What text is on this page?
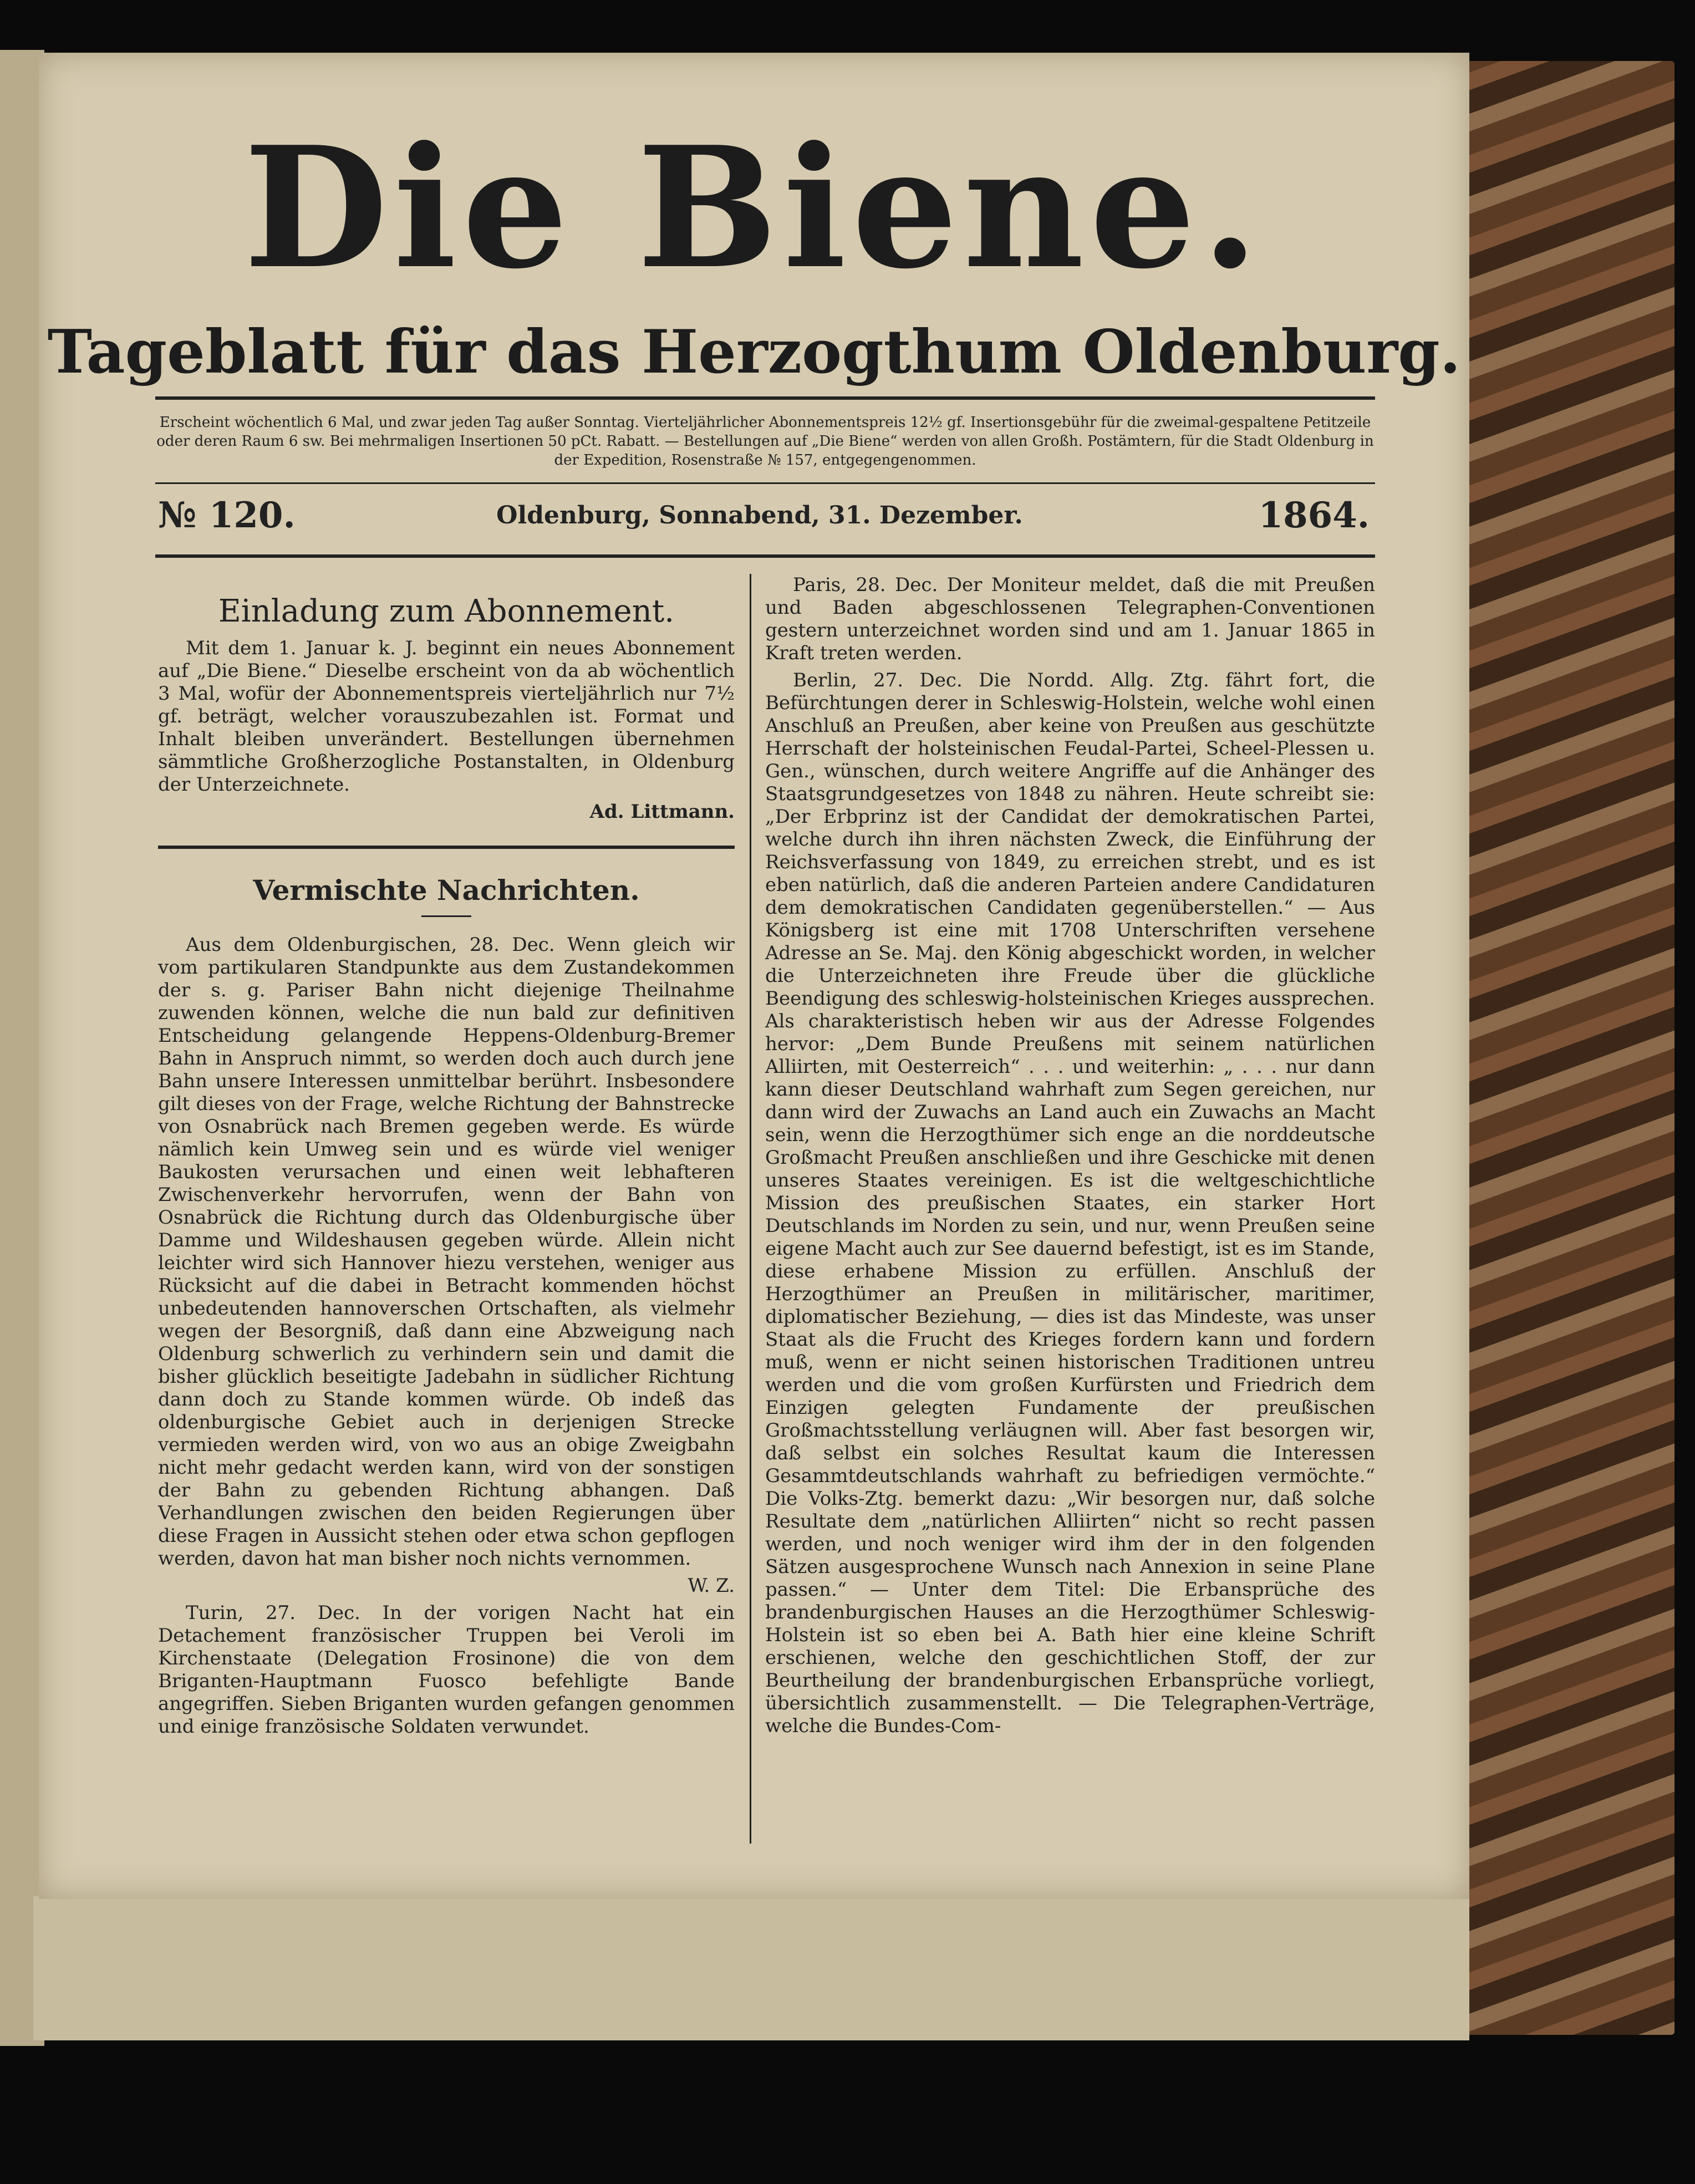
Die Biene.
Tageblatt für das Herzogthum Oldenburg.
Erscheint wöchentlich 6 Mal, und zwar jeden Tag außer Sonntag. Vierteljährlicher Abonnementspreis 12½ gf. Insertionsgebühr für die zweimal-gespaltene Petitzeile oder deren Raum 6 sw. Bei mehrmaligen Insertionen 50 pCt. Rabatt. — Bestellungen auf „Die Biene“ werden von allen Großh. Postämtern, für die Stadt Oldenburg in der Expedition, Rosenstraße № 157, entgegengenommen.
№ 120.	Oldenburg, Sonnabend, 31. Dezember.	1864.

Einladung zum Abonnement.

Mit dem 1. Januar k. J. beginnt ein neues Abonnement auf „Die Biene.“ Dieselbe erscheint von da ab wöchentlich 3 Mal, wofür der Abonnementspreis vierteljährlich nur 7½ gf. beträgt, welcher vorauszubezahlen ist. Format und Inhalt bleiben unverändert. Bestellungen übernehmen sämmtliche Großherzogliche Postanstalten, in Oldenburg der Unterzeichnete.

Ad. Littmann.

Vermischte Nachrichten.

Aus dem Oldenburgischen, 28. Dec. Wenn gleich wir vom partikularen Standpunkte aus dem Zustandekommen der s. g. Pariser Bahn nicht diejenige Theilnahme zuwenden können, welche die nun bald zur definitiven Entscheidung gelangende Heppens-Oldenburg-Bremer Bahn in Anspruch nimmt, so werden doch auch durch jene Bahn unsere Interessen unmittelbar berührt. Insbesondere gilt dieses von der Frage, welche Richtung der Bahnstrecke von Osnabrück nach Bremen gegeben werde. Es würde nämlich kein Umweg sein und es würde viel weniger Baukosten verursachen und einen weit lebhafteren Zwischenverkehr hervorrufen, wenn der Bahn von Osnabrück die Richtung durch das Oldenburgische über Damme und Wildeshausen gegeben würde. Allein nicht leichter wird sich Hannover hiezu verstehen, weniger aus Rücksicht auf die dabei in Betracht kommenden höchst unbedeutenden hannoverschen Ortschaften, als vielmehr wegen der Besorgniß, daß dann eine Abzweigung nach Oldenburg schwerlich zu verhindern sein und damit die bisher glücklich beseitigte Jadebahn in südlicher Richtung dann doch zu Stande kommen würde. Ob indeß das oldenburgische Gebiet auch in derjenigen Strecke vermieden werden wird, von wo aus an obige Zweigbahn nicht mehr gedacht werden kann, wird von der sonstigen der Bahn zu gebenden Richtung abhangen. Daß Verhandlungen zwischen den beiden Regierungen über diese Fragen in Aussicht stehen oder etwa schon gepflogen werden, davon hat man bisher noch nichts vernommen.

W. Z.

Turin, 27. Dec. In der vorigen Nacht hat ein Detachement französischer Truppen bei Veroli im Kirchenstaate (Delegation Frosinone) die von dem Briganten-Hauptmann Fuosco befehligte Bande angegriffen. Sieben Briganten wurden gefangen genommen und einige französische Soldaten verwundet.

Paris, 28. Dec. Der Moniteur meldet, daß die mit Preußen und Baden abgeschlossenen Telegraphen-Conventionen gestern unterzeichnet worden sind und am 1. Januar 1865 in Kraft treten werden.

Berlin, 27. Dec. Die Nordd. Allg. Ztg. fährt fort, die Befürchtungen derer in Schleswig-Holstein, welche wohl einen Anschluß an Preußen, aber keine von Preußen aus geschützte Herrschaft der holsteinischen Feudal-Partei, Scheel-Plessen u. Gen., wünschen, durch weitere Angriffe auf die Anhänger des Staatsgrundgesetzes von 1848 zu nähren. Heute schreibt sie: „Der Erbprinz ist der Candidat der demokratischen Partei, welche durch ihn ihren nächsten Zweck, die Einführung der Reichsverfassung von 1849, zu erreichen strebt, und es ist eben natürlich, daß die anderen Parteien andere Candidaturen dem demokratischen Candidaten gegenüberstellen.“ — Aus Königsberg ist eine mit 1708 Unterschriften versehene Adresse an Se. Maj. den König abgeschickt worden, in welcher die Unterzeichneten ihre Freude über die glückliche Beendigung des schleswig-holsteinischen Krieges aussprechen. Als charakteristisch heben wir aus der Adresse Folgendes hervor: „Dem Bunde Preußens mit seinem natürlichen Alliirten, mit Oesterreich“ . . . und weiterhin: „ . . . nur dann kann dieser Deutschland wahrhaft zum Segen gereichen, nur dann wird der Zuwachs an Land auch ein Zuwachs an Macht sein, wenn die Herzogthümer sich enge an die norddeutsche Großmacht Preußen anschließen und ihre Geschicke mit denen unseres Staates vereinigen. Es ist die weltgeschichtliche Mission des preußischen Staates, ein starker Hort Deutschlands im Norden zu sein, und nur, wenn Preußen seine eigene Macht auch zur See dauernd befestigt, ist es im Stande, diese erhabene Mission zu erfüllen. Anschluß der Herzogthümer an Preußen in militärischer, maritimer, diplomatischer Beziehung, — dies ist das Mindeste, was unser Staat als die Frucht des Krieges fordern kann und fordern muß, wenn er nicht seinen historischen Traditionen untreu werden und die vom großen Kurfürsten und Friedrich dem Einzigen gelegten Fundamente der preußischen Großmachtsstellung verläugnen will. Aber fast besorgen wir, daß selbst ein solches Resultat kaum die Interessen Gesammtdeutschlands wahrhaft zu befriedigen vermöchte.“ Die Volks-Ztg. bemerkt dazu: „Wir besorgen nur, daß solche Resultate dem „natürlichen Alliirten“ nicht so recht passen werden, und noch weniger wird ihm der in den folgenden Sätzen ausgesprochene Wunsch nach Annexion in seine Plane passen.“ — Unter dem Titel: Die Erbansprüche des brandenburgischen Hauses an die Herzogthümer Schleswig-Holstein ist so eben bei A. Bath hier eine kleine Schrift erschienen, welche den geschichtlichen Stoff, der zur Beurtheilung der brandenburgischen Erbansprüche vorliegt, übersichtlich zusammenstellt. — Die Telegraphen-Verträge, welche die Bundes-Com-
